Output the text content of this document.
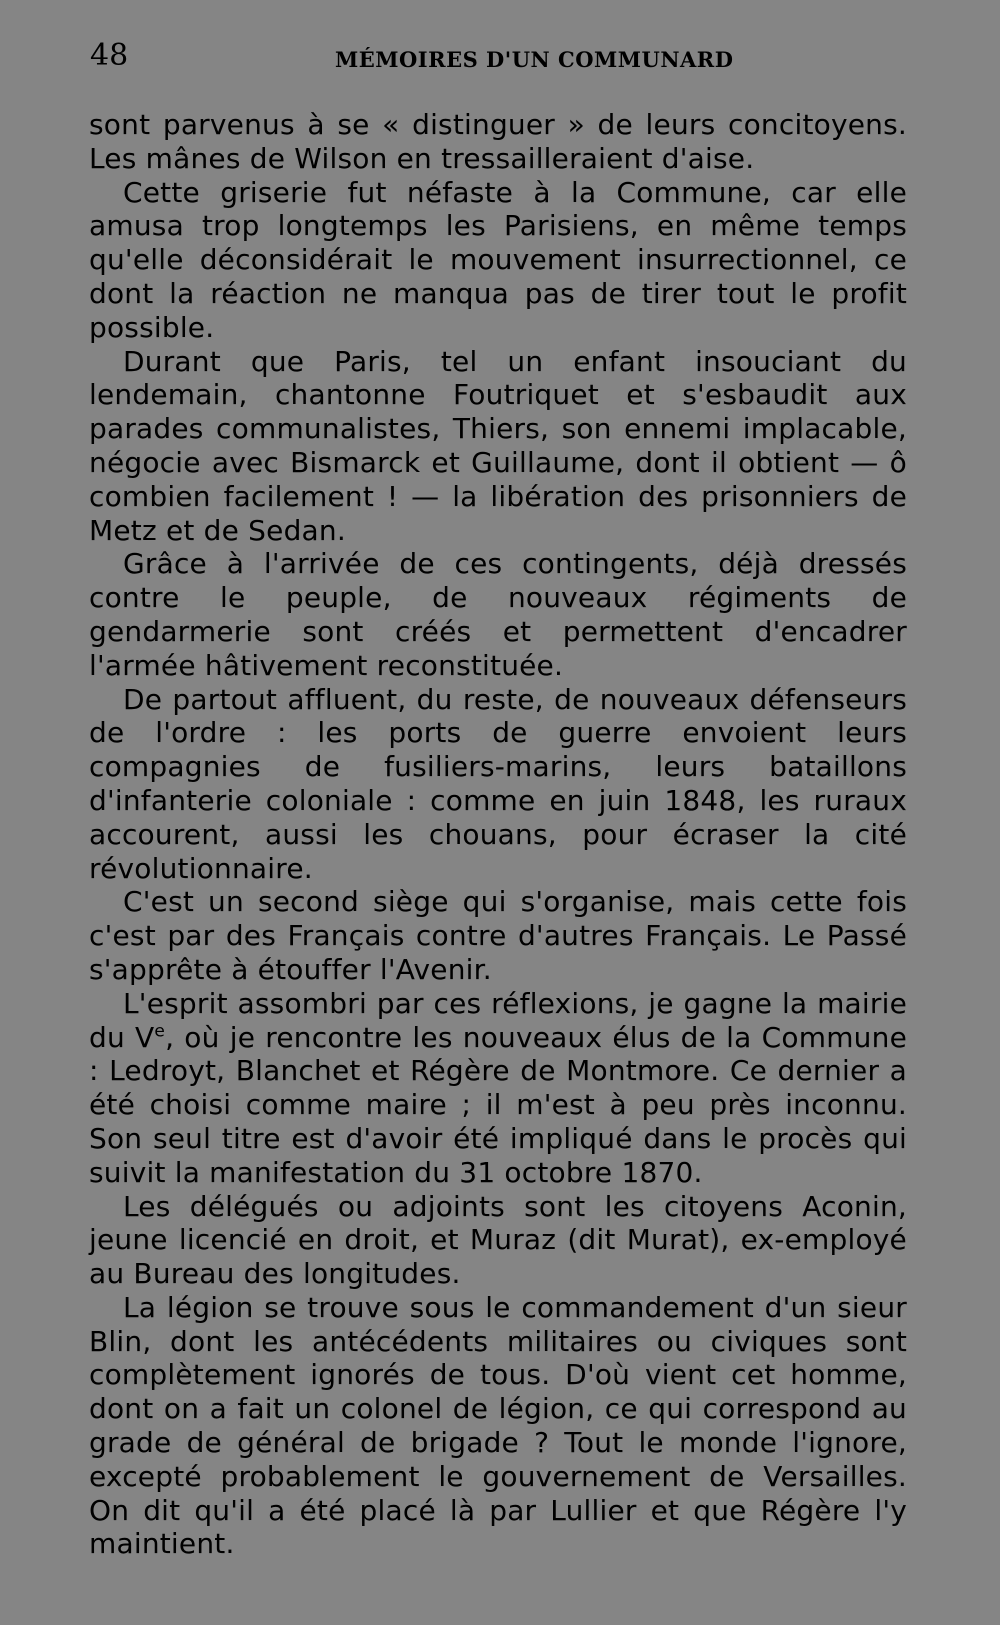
48	MÉMOIRES D'UN COMMUNARD

sont parvenus à se « distinguer » de leurs concitoyens. Les mânes de Wilson en tressailleraient d'aise.

Cette griserie fut néfaste à la Commune, car elle amusa trop longtemps les Parisiens, en même temps qu'elle déconsidérait le mouvement insurrectionnel, ce dont la réaction ne manqua pas de tirer tout le profit possible.

Durant que Paris, tel un enfant insouciant du lendemain, chantonne Foutriquet et s'esbaudit aux parades communalistes, Thiers, son ennemi implacable, négocie avec Bismarck et Guillaume, dont il obtient — ô combien facilement ! — la libération des prisonniers de Metz et de Sedan.

Grâce à l'arrivée de ces contingents, déjà dressés contre le peuple, de nouveaux régiments de gendarmerie sont créés et permettent d'encadrer l'armée hâtivement reconstituée.

De partout affluent, du reste, de nouveaux défenseurs de l'ordre : les ports de guerre envoient leurs compagnies de fusiliers-marins, leurs bataillons d'infanterie coloniale : comme en juin 1848, les ruraux accourent, aussi les chouans, pour écraser la cité révolutionnaire.

C'est un second siège qui s'organise, mais cette fois c'est par des Français contre d'autres Français. Le Passé s'apprête à étouffer l'Avenir.

L'esprit assombri par ces réflexions, je gagne la mairie du Ve, où je rencontre les nouveaux élus de la Commune : Ledroyt, Blanchet et Régère de Montmore. Ce dernier a été choisi comme maire ; il m'est à peu près inconnu. Son seul titre est d'avoir été impliqué dans le procès qui suivit la manifestation du 31 octobre 1870.

Les délégués ou adjoints sont les citoyens Aconin, jeune licencié en droit, et Muraz (dit Murat), ex-employé au Bureau des longitudes.

La légion se trouve sous le commandement d'un sieur Blin, dont les antécédents militaires ou civiques sont complètement ignorés de tous. D'où vient cet homme, dont on a fait un colonel de légion, ce qui correspond au grade de général de brigade ? Tout le monde l'ignore, excepté probablement le gouvernement de Versailles. On dit qu'il a été placé là par Lullier et que Régère l'y maintient.
